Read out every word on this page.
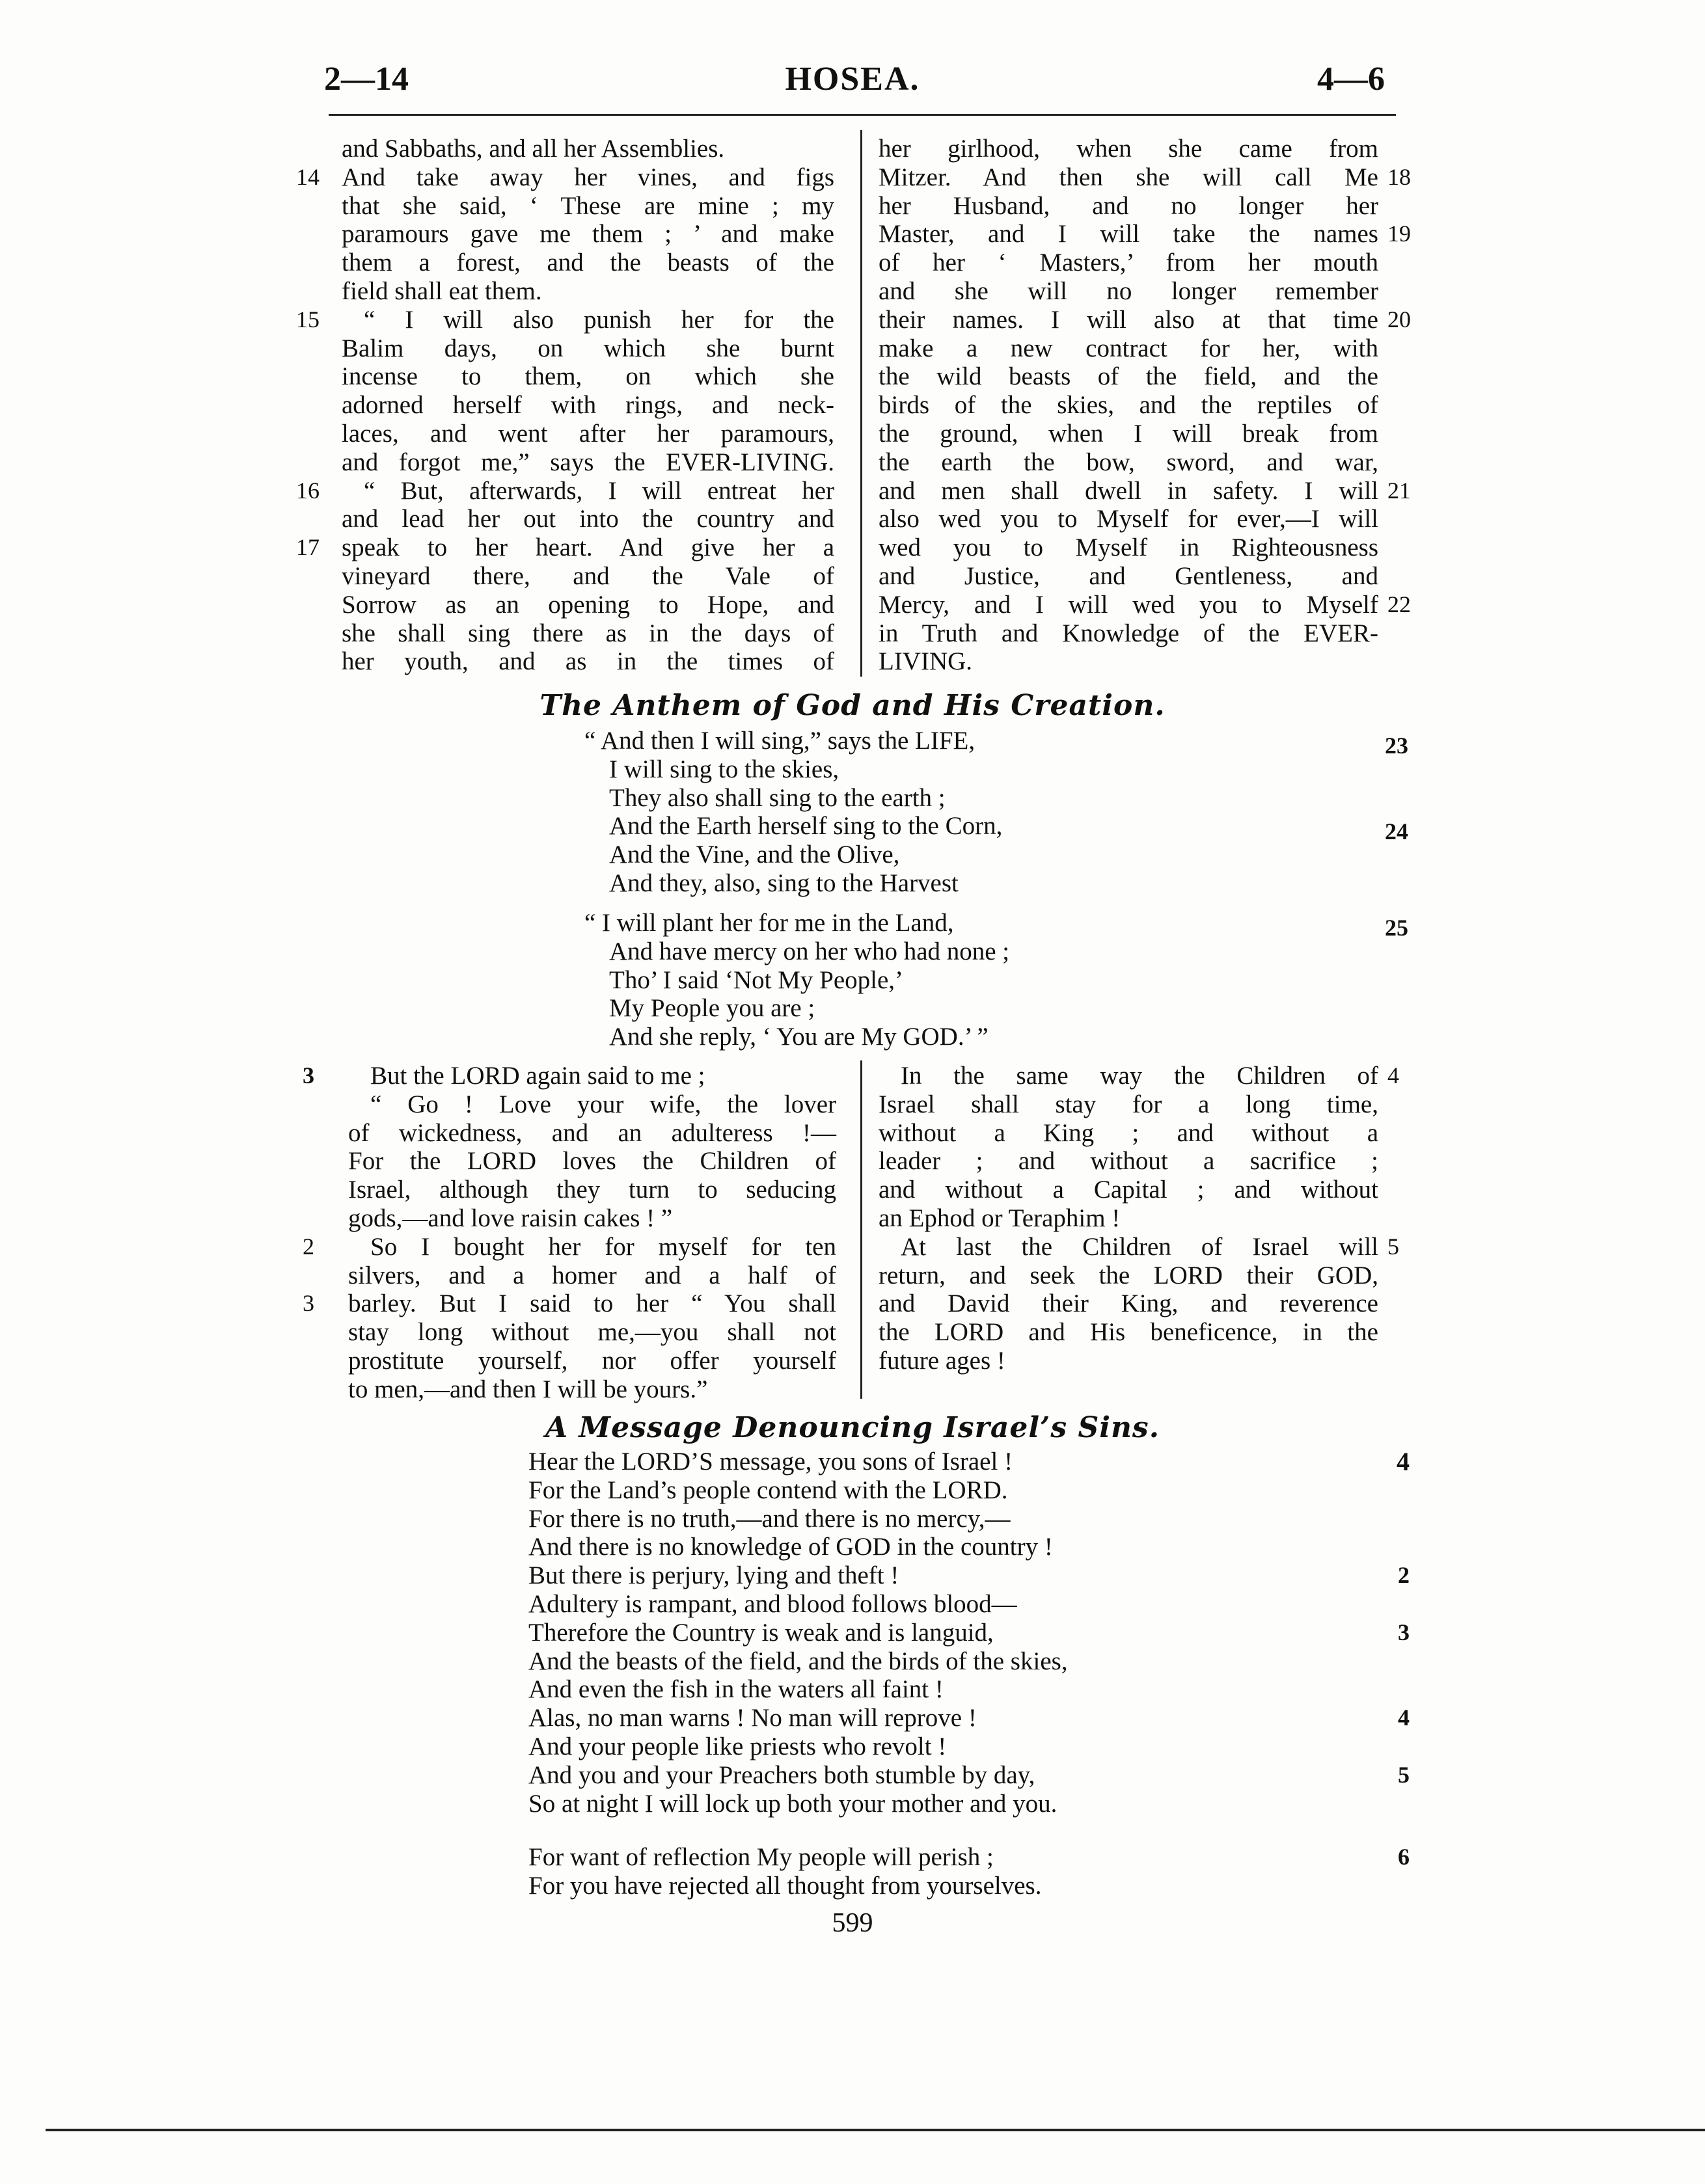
2—14	HOSEA.	4—6
and Sabbaths, and all her Assemblies.
And take away her vines, and figs
14
that she said, ‘ These are mine ; my
paramours gave me them ; ’ and make
them a forest, and the beasts of the
field shall eat them.
“ I will also punish her for the
15
Balim days, on which she burnt
incense to them, on which she
adorned herself with rings, and neck-
laces, and went after her paramours,
and forgot me,” says the EVER-LIVING.
“ But, afterwards, I will entreat her
16
and lead her out into the country and
speak to her heart. And give her a
17
vineyard there, and the Vale of
Sorrow as an opening to Hope, and
she shall sing there as in the days of
her youth, and as in the times of
her girlhood, when she came from
Mitzer. And then she will call Me 18
her Husband, and no longer her
Master, and I will take the names 19
of her ‘ Masters,’ from her mouth
and she will no longer remember
their names. I will also at that time 20
make a new contract for her, with
the wild beasts of the field, and the
birds of the skies, and the reptiles of
the ground, when I will break from
the earth the bow, sword, and war,
and men shall dwell in safety. I will 21
also wed you to Myself for ever,—I will
wed you to Myself in Righteousness
and Justice, and Gentleness, and
Mercy, and I will wed you to Myself 22
in Truth and Knowledge of the EVER-
LIVING.
The Anthem of God and His Creation.
“ And then I will sing,” says the LIFE,
I will sing to the skies,
They also shall sing to the earth ;
And the Earth herself sing to the Corn,
And the Vine, and the Olive,
And they, also, sing to the Harvest
“ I will plant her for me in the Land,
And have mercy on her who had none ;
Tho’ I said ‘Not My People,’
My People you are ;
And she reply, ‘ You are My GOD.’ ”
23
24
25
But the LORD again said to me ;
3
“ Go ! Love your wife, the lover
of wickedness, and an adulteress !—
For the LORD loves the Children of
Israel, although they turn to seducing
gods,—and love raisin cakes ! ”
So I bought her for myself for ten
2
silvers, and a homer and a half of
barley. But I said to her “ You shall
3
stay long without me,—you shall not
prostitute yourself, nor offer yourself
to men,—and then I will be yours.”
In the same way the Children of 4
Israel shall stay for a long time,
without a King ; and without a
leader ; and without a sacrifice ;
and without a Capital ; and without
an Ephod or Teraphim !
At last the Children of Israel will 5
return, and seek the LORD their GOD,
and David their King, and reverence
the LORD and His beneficence, in the
future ages !
A Message Denouncing Israel’s Sins.
Hear the LORD’S message, you sons of Israel !	4
For the Land’s people contend with the LORD.
For there is no truth,—and there is no mercy,—
And there is no knowledge of GOD in the country !
But there is perjury, lying and theft !	2
Adultery is rampant, and blood follows blood—
Therefore the Country is weak and is languid,	3
And the beasts of the field, and the birds of the skies,
And even the fish in the waters all faint !
Alas, no man warns ! No man will reprove !	4
And your people like priests who revolt !
And you and your Preachers both stumble by day,	5
So at night I will lock up both your mother and you.
For want of reflection My people will perish ;	6
For you have rejected all thought from yourselves.
599
